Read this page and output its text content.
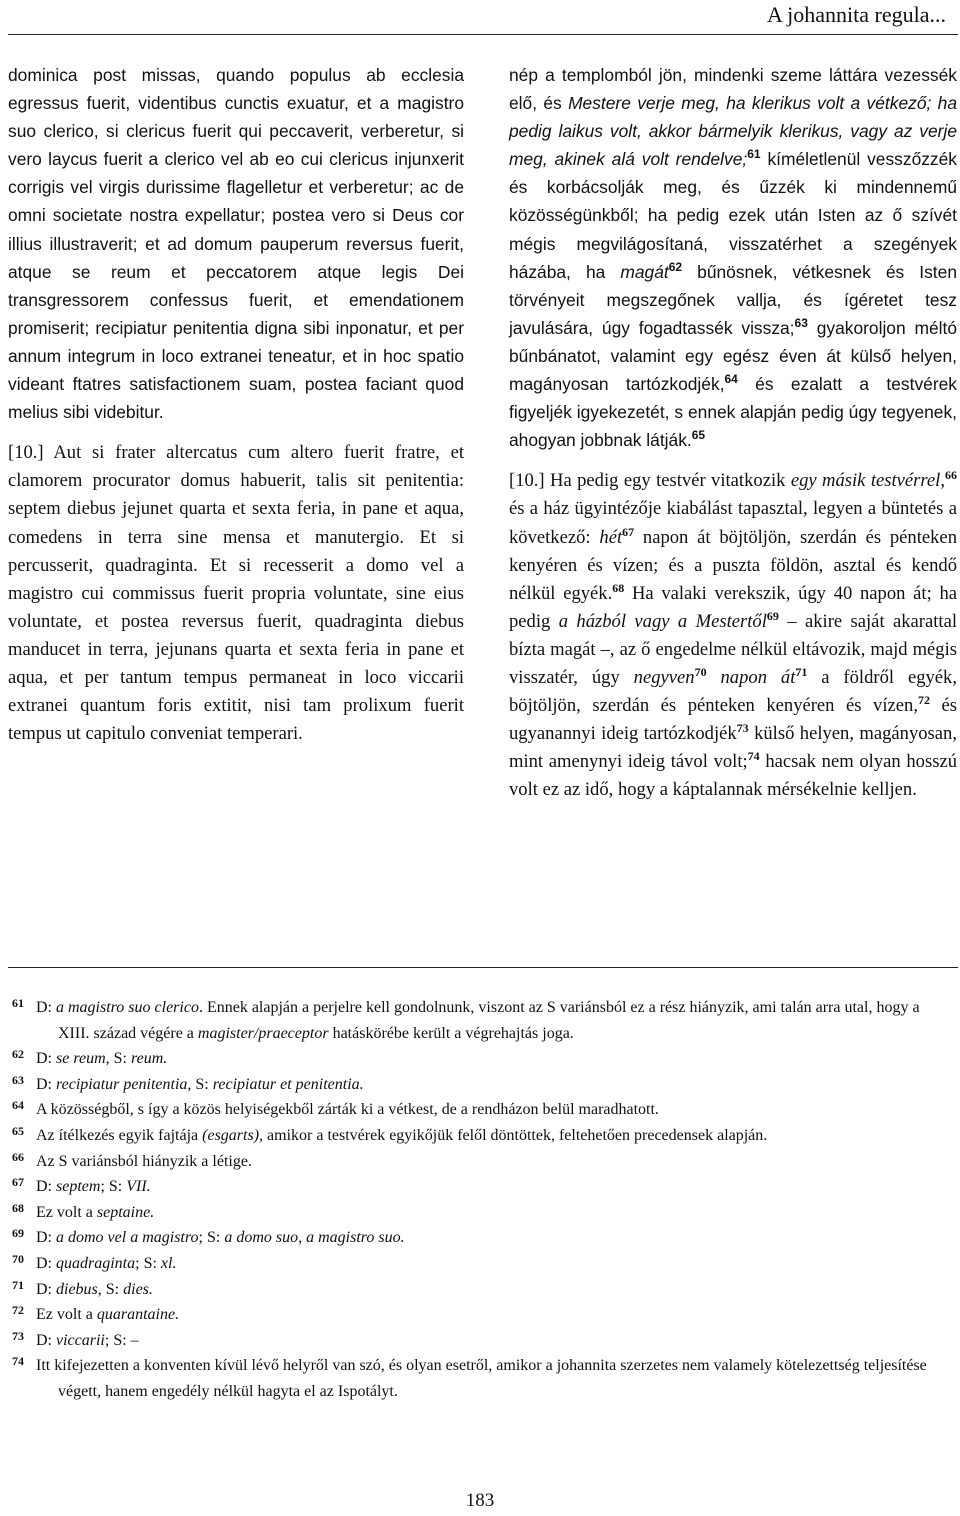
A johannita regula...

dominica post missas, quando populus ab ecclesia egressus fuerit, videntibus cunctis exuatur, et a magistro suo clerico, si clericus fuerit qui peccaverit, verberetur, si vero laycus fuerit a clerico vel ab eo cui clericus injunxerit corrigis vel virgis durissime flagelletur et verberetur; ac de omni societate nostra expellatur; postea vero si Deus cor illius illustraverit; et ad domum pauperum reversus fuerit, atque se reum et peccatorem atque legis Dei transgressorem confessus fuerit, et emendationem promiserit; recipiatur penitentia digna sibi inponatur, et per annum integrum in loco extranei teneatur, et in hoc spatio videant ftatres satisfactionem suam, postea faciant quod melius sibi videbitur.

[10.] Aut si frater altercatus cum altero fuerit fratre, et clamorem procurator domus habuerit, talis sit penitentia: septem diebus jejunet quarta et sexta feria, in pane et aqua, comedens in terra sine mensa et manutergio. Et si percusserit, quadraginta. Et si recesserit a domo vel a magistro cui commissus fuerit propria voluntate, sine eius voluntate, et postea reversus fuerit, quadraginta diebus manducet in terra, jejunans quarta et sexta feria in pane et aqua, et per tantum tempus permaneat in loco viccarii extranei quantum foris extitit, nisi tam prolixum fuerit tempus ut capitulo conveniat temperari.

nép a templomból jön, mindenki szeme láttára vezessék elő, és Mestere verje meg, ha klerikus volt a vétkező; ha pedig laikus volt, akkor bármelyik klerikus, vagy az verje meg, akinek alá volt rendelve;$^{61}$ kíméletlenül vesszőzzék és korbácsolják meg, és űzzék ki mindennemű közösségünkből; ha pedig ezek után Isten az ő szívét mégis megvilágosítaná, visszatérhet a szegények házába, ha magát$^{62}$ bűnösnek, vétkesnek és Isten törvényeit megszegőnek vallja, és ígéretet tesz javulására, úgy fogadtassék vissza;$^{63}$ gyakoroljon méltó bűnbánatot, valamint egy egész éven át külső helyen, magányosan tartózkodjék,$^{64}$ és ezalatt a testvérek figyeljék igyekezetét, s ennek alapján pedig úgy tegyenek, ahogyan jobbnak látják.$^{65}$

[10.] Ha pedig egy testvér vitatkozik egy másik testvérrel,$^{66}$ és a ház ügyintézője kiabálást tapasztal, legyen a büntetés a következő: hét$^{67}$ napon át böjtöljön, szerdán és pénteken kenyéren és vízen; és a puszta földön, asztal és kendő nélkül egyék.$^{68}$ Ha valaki verekszik, úgy 40 napon át; ha pedig a házból vagy a Mestertől$^{69}$ – akire saját akarattal bízta magát –, az ő engedelme nélkül eltávozik, majd mégis visszatér, úgy negyven$^{70}$ napon $át^{71}$ a földről egyék, böjtöljön, szerdán és pénteken kenyéren és vízen,$^{72}$ és ugyanannyi ideig tartózkodjék$^{73}$ külső helyen, magányosan, mint amenynyi ideig távol volt;$^{74}$ hacsak nem olyan hosszú volt ez az idő, hogy a káptalannak mérsékelnie kelljen.

61 D: a magistro suo clerico. Ennek alapján a perjelre kell gondolnunk, viszont az S variánsból ez a rész hiányzik, ami talán arra utal, hogy a XIII. század végére a magister/praeceptor hatáskörébe került a végrehajtás joga.

62 D: se reum, S: reum.

63 D: recipiatur penitentia, S: recipiatur et penitentia.

64 A közösségből, s így a közös helyiségekből zárták ki a vétkest, de a rendházon belül maradhatott.

65 Az ítélkezés egyik fajtája (esgarts), amikor a testvérek egyikőjük felől döntöttek, feltehetően precedensek alapján.

66 Az S variánsból hiányzik a létige.

67 D: septem; S: VII.

68 Ez volt a septaine.

69 D: a domo vel a magistro; S: a domo suo, a magistro suo.

70 D: quadraginta; S: xl.

71 D: diebus, S: dies.

72 Ez volt a quarantaine.

73 D: viccarii; S: –

74 Itt kifejezetten a konventen kívül lévő helyről van szó, és olyan esetről, amikor a johannita szerzetes nem valamely kötelezettség teljesítése végett, hanem engedély nélkül hagyta el az Ispotályt.

183
